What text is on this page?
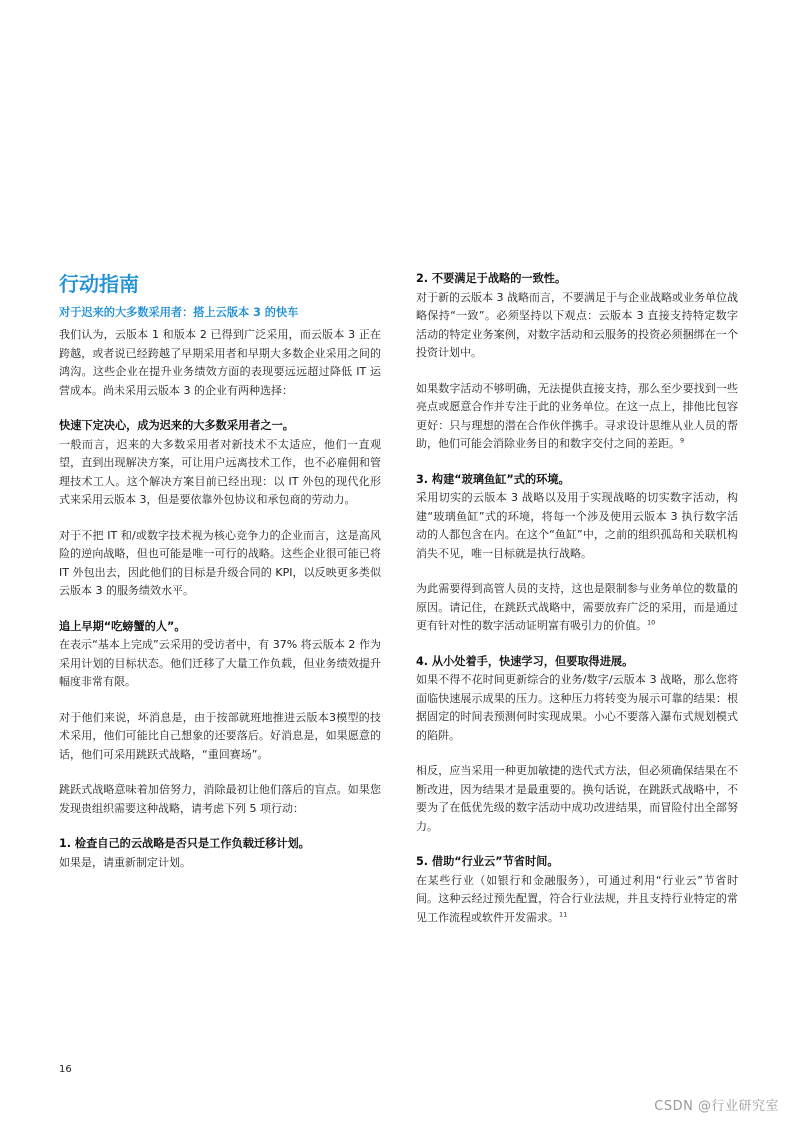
行动指南
对于迟来的大多数采用者：搭上云版本 3 的快车

我们认为，云版本 1 和版本 2 已得到广泛采用，而云版本 3 正在跨越，或者说已经跨越了早期采用者和早期大多数企业采用之间的鸿沟。这些企业在提升业务绩效方面的表现要远远超过降低 IT 运营成本。尚未采用云版本 3 的企业有两种选择：

快速下定决心，成为迟来的大多数采用者之一。

一般而言，迟来的大多数采用者对新技术不太适应，他们一直观望，直到出现解决方案，可让用户远离技术工作，也不必雇佣和管理技术工人。这个解决方案目前已经出现：以 IT 外包的现代化形式来采用云版本 3，但是要依靠外包协议和承包商的劳动力。

对于不把 IT 和/或数字技术视为核心竞争力的企业而言，这是高风险的逆向战略，但也可能是唯一可行的战略。这些企业很可能已将 IT 外包出去，因此他们的目标是升级合同的 KPI，以反映更多类似云版本 3 的服务绩效水平。

追上早期“吃螃蟹的人”。

在表示“基本上完成”云采用的受访者中，有 37% 将云版本 2 作为采用计划的目标状态。他们迁移了大量工作负载，但业务绩效提升幅度非常有限。

对于他们来说，坏消息是，由于按部就班地推进云版本3模型的技术采用，他们可能比自己想象的还要落后。好消息是，如果愿意的话，他们可采用跳跃式战略，“重回赛场”。

跳跃式战略意味着加倍努力，消除最初让他们落后的盲点。如果您发现贵组织需要这种战略，请考虑下列 5 项行动：

1. 检查自己的云战略是否只是工作负载迁移计划。

如果是，请重新制定计划。

2. 不要满足于战略的一致性。

对于新的云版本 3 战略而言，不要满足于与企业战略或业务单位战略保持“一致”。必须坚持以下观点：云版本 3 直接支持特定数字活动的特定业务案例，对数字活动和云服务的投资必须捆绑在一个投资计划中。

如果数字活动不够明确，无法提供直接支持，那么至少要找到一些亮点或愿意合作并专注于此的业务单位。在这一点上，排他比包容更好：只与理想的潜在合作伙伴携手。寻求设计思维从业人员的帮助，他们可能会消除业务目的和数字交付之间的差距。$^9$

3. 构建“玻璃鱼缸”式的环境。

采用切实的云版本 3 战略以及用于实现战略的切实数字活动，构建“玻璃鱼缸”式的环境，将每一个涉及使用云版本 3 执行数字活动的人都包含在内。在这个“鱼缸”中，之前的组织孤岛和关联机构消失不见，唯一目标就是执行战略。

为此需要得到高管人员的支持，这也是限制参与业务单位的数量的原因。请记住，在跳跃式战略中，需要放弃广泛的采用，而是通过更有针对性的数字活动证明富有吸引力的价值。$^{10}$

4. 从小处着手，快速学习，但要取得进展。

如果不得不花时间更新综合的业务/数字/云版本 3 战略，那么您将面临快速展示成果的压力。这种压力将转变为展示可靠的结果：根据固定的时间表预测何时实现成果。小心不要落入瀑布式规划模式的陷阱。

相反，应当采用一种更加敏捷的迭代式方法，但必须确保结果在不断改进，因为结果才是最重要的。换句话说，在跳跃式战略中，不要为了在低优先级的数字活动中成功改进结果，而冒险付出全部努力。

5. 借助“行业云”节省时间。

在某些行业（如银行和金融服务），可通过利用“行业云”节省时间。这种云经过预先配置，符合行业法规，并且支持行业特定的常见工作流程或软件开发需求。$^{11}$

16
CSDN @行业研究室
